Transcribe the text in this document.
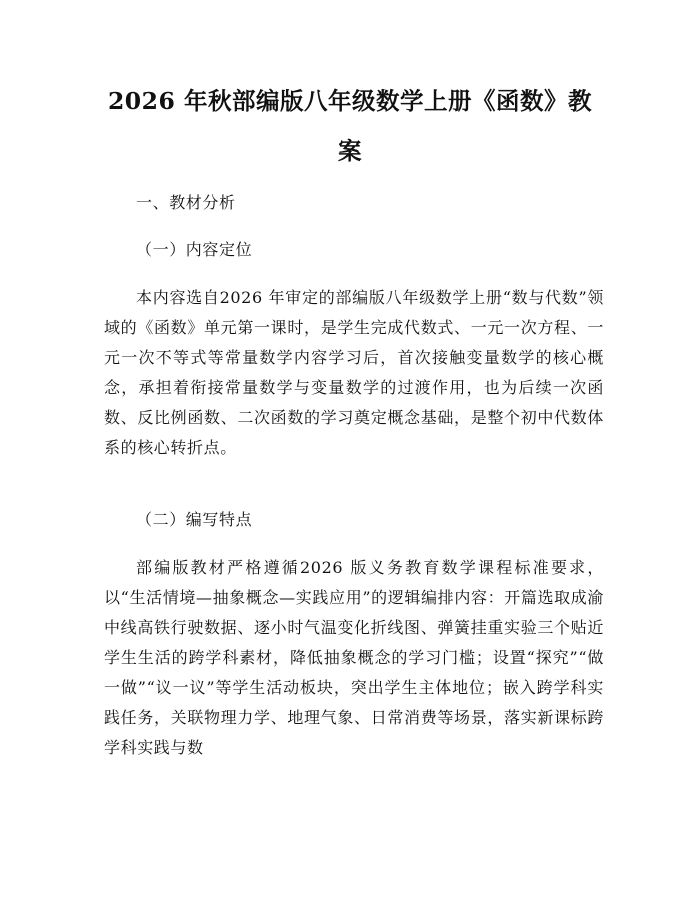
2026 年秋部编版八年级数学上册《函数》教案
一、教材分析
（一）内容定位
本内容选自2026 年审定的部编版八年级数学上册“数与代数”领域的《函数》单元第一课时，是学生完成代数式、一元一次方程、一元一次不等式等常量数学内容学习后，首次接触变量数学的核心概念，承担着衔接常量数学与变量数学的过渡作用，也为后续一次函数、反比例函数、二次函数的学习奠定概念基础，是整个初中代数体系的核心转折点。
（二）编写特点
部编版教材严格遵循2026 版义务教育数学课程标准要求，以“生活情境—抽象概念—实践应用”的逻辑编排内容：开篇选取成渝中线高铁行驶数据、逐小时气温变化折线图、弹簧挂重实验三个贴近学生生活的跨学科素材，降低抽象概念的学习门槛；设置“探究”“做一做”“议一议”等学生活动板块，突出学生主体地位；嵌入跨学科实践任务，关联物理力学、地理气象、日常消费等场景，落实新课标跨学科实践与数
